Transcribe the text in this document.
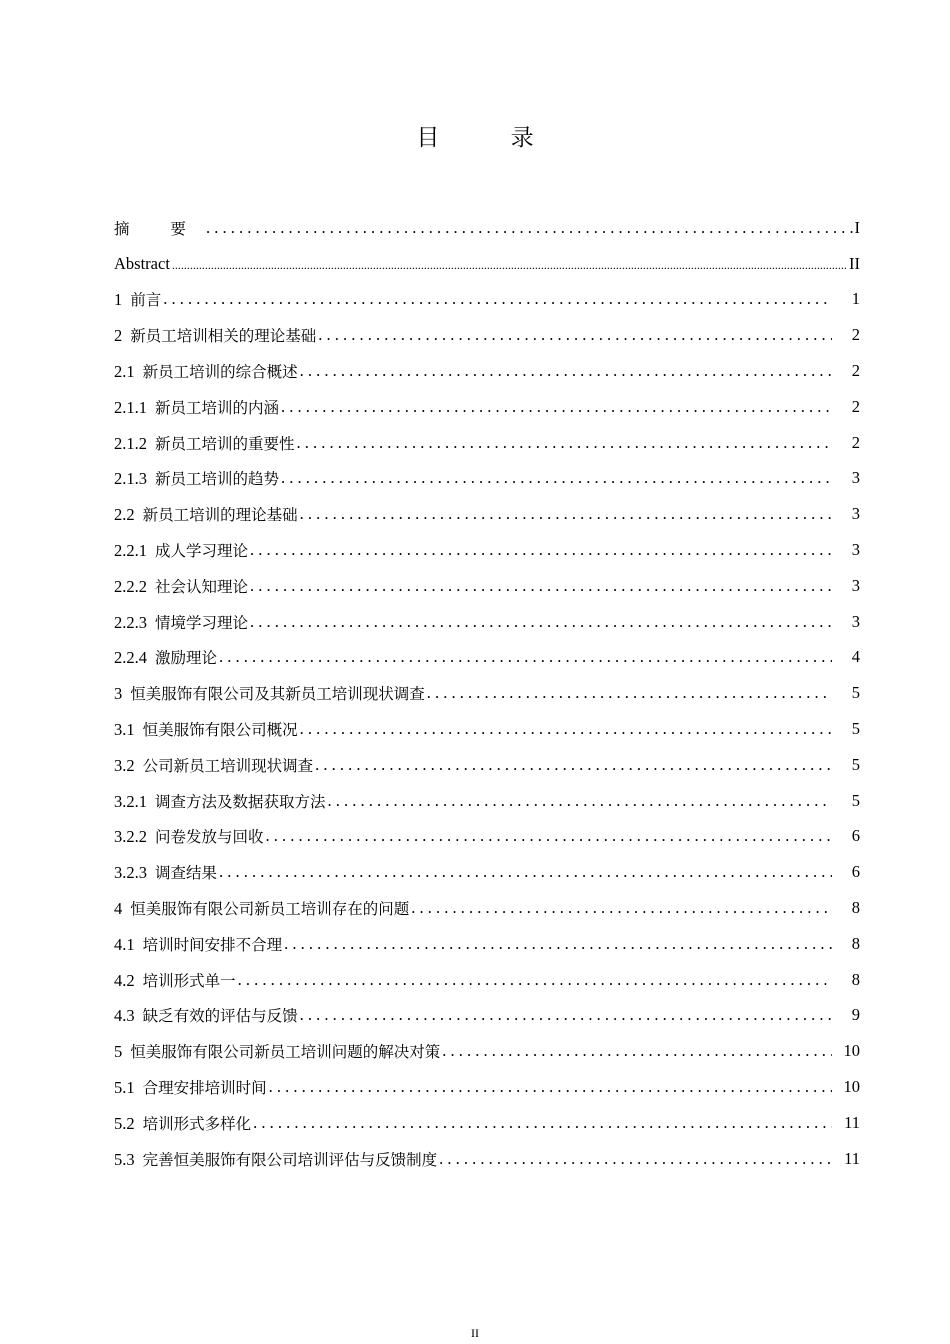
目 录
摘 要 . . .	I
Abstract .....	II
1 前言 . . .	1
2 新员工培训相关的理论基础 . . .	2
2.1 新员工培训的综合概述 . . .	2
2.1.1 新员工培训的内涵 . . .	2
2.1.2 新员工培训的重要性 . . .	2
2.1.3 新员工培训的趋势 . . .	3
2.2 新员工培训的理论基础 . . .	3
2.2.1 成人学习理论 . . .	3
2.2.2 社会认知理论 . . .	3
2.2.3 情境学习理论 . . .	3
2.2.4 激励理论 . . .	4
3 恒美服饰有限公司及其新员工培训现状调查 . . .	5
3.1 恒美服饰有限公司概况 . . .	5
3.2 公司新员工培训现状调查 . . .	5
3.2.1 调查方法及数据获取方法 . . .	5
3.2.2 问卷发放与回收 . . .	6
3.2.3 调查结果 . . .	6
4 恒美服饰有限公司新员工培训存在的问题 . . .	8
4.1 培训时间安排不合理 . . .	8
4.2 培训形式单一 . . .	8
4.3 缺乏有效的评估与反馈 . . .	9
5 恒美服饰有限公司新员工培训问题的解决对策 . . .	10
5.1 合理安排培训时间 . . .	10
5.2 培训形式多样化 . . .	11
5.3 完善恒美服饰有限公司培训评估与反馈制度 . . .	11
II
